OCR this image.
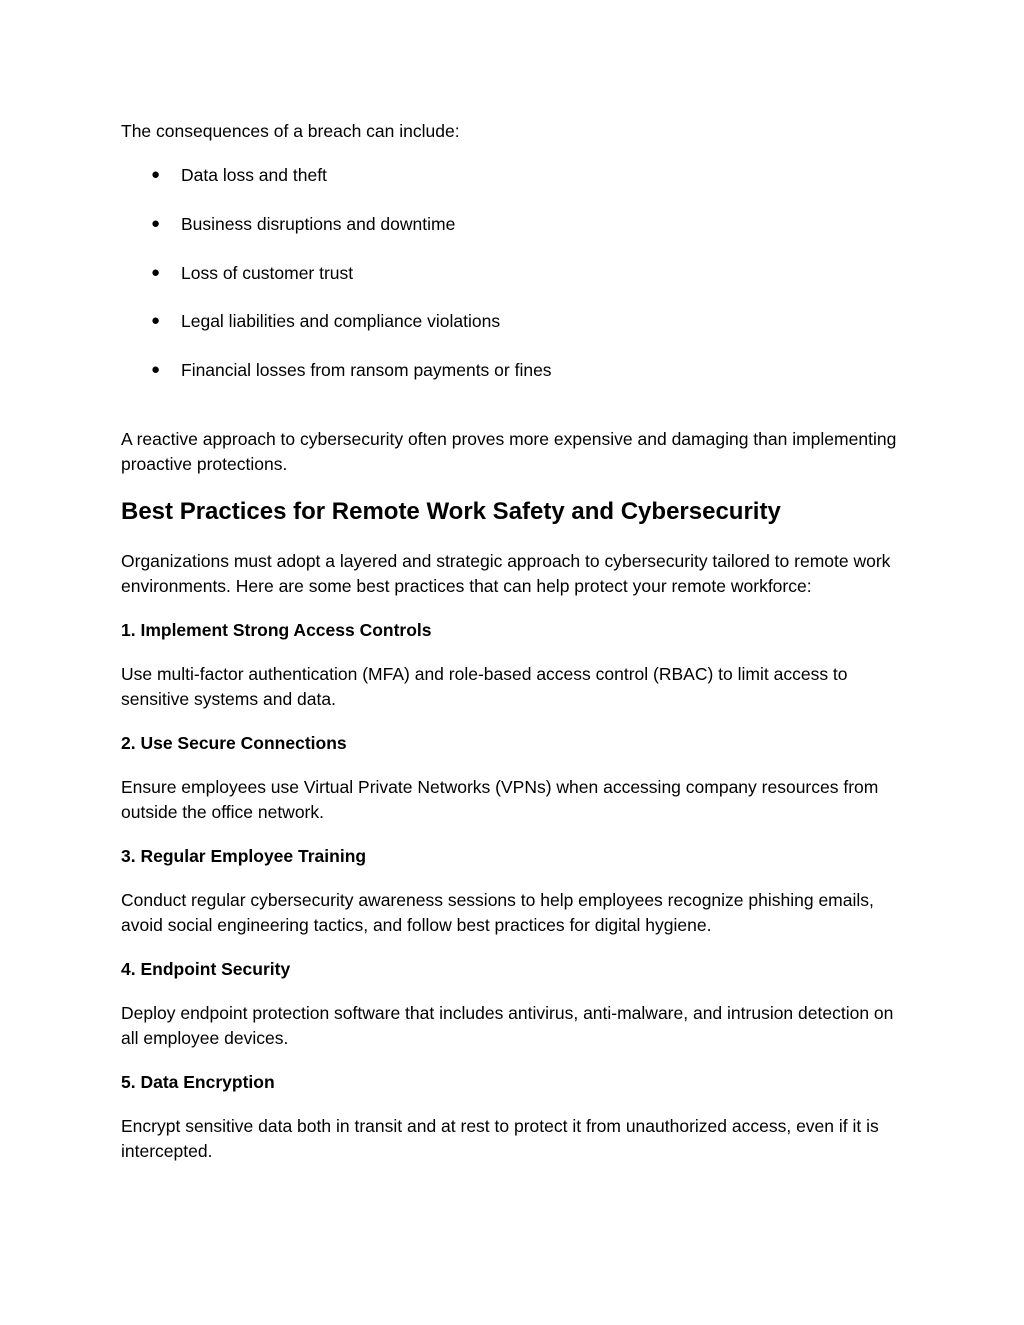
The consequences of a breach can include:

● Data loss and theft
● Business disruptions and downtime
● Loss of customer trust
● Legal liabilities and compliance violations
● Financial losses from ransom payments or fines

A reactive approach to cybersecurity often proves more expensive and damaging than implementing proactive protections.

Best Practices for Remote Work Safety and Cybersecurity

Organizations must adopt a layered and strategic approach to cybersecurity tailored to remote work environments. Here are some best practices that can help protect your remote workforce:

1. Implement Strong Access Controls

Use multi-factor authentication (MFA) and role-based access control (RBAC) to limit access to sensitive systems and data.

2. Use Secure Connections

Ensure employees use Virtual Private Networks (VPNs) when accessing company resources from outside the office network.

3. Regular Employee Training

Conduct regular cybersecurity awareness sessions to help employees recognize phishing emails, avoid social engineering tactics, and follow best practices for digital hygiene.

4. Endpoint Security

Deploy endpoint protection software that includes antivirus, anti-malware, and intrusion detection on all employee devices.

5. Data Encryption

Encrypt sensitive data both in transit and at rest to protect it from unauthorized access, even if it is intercepted.
